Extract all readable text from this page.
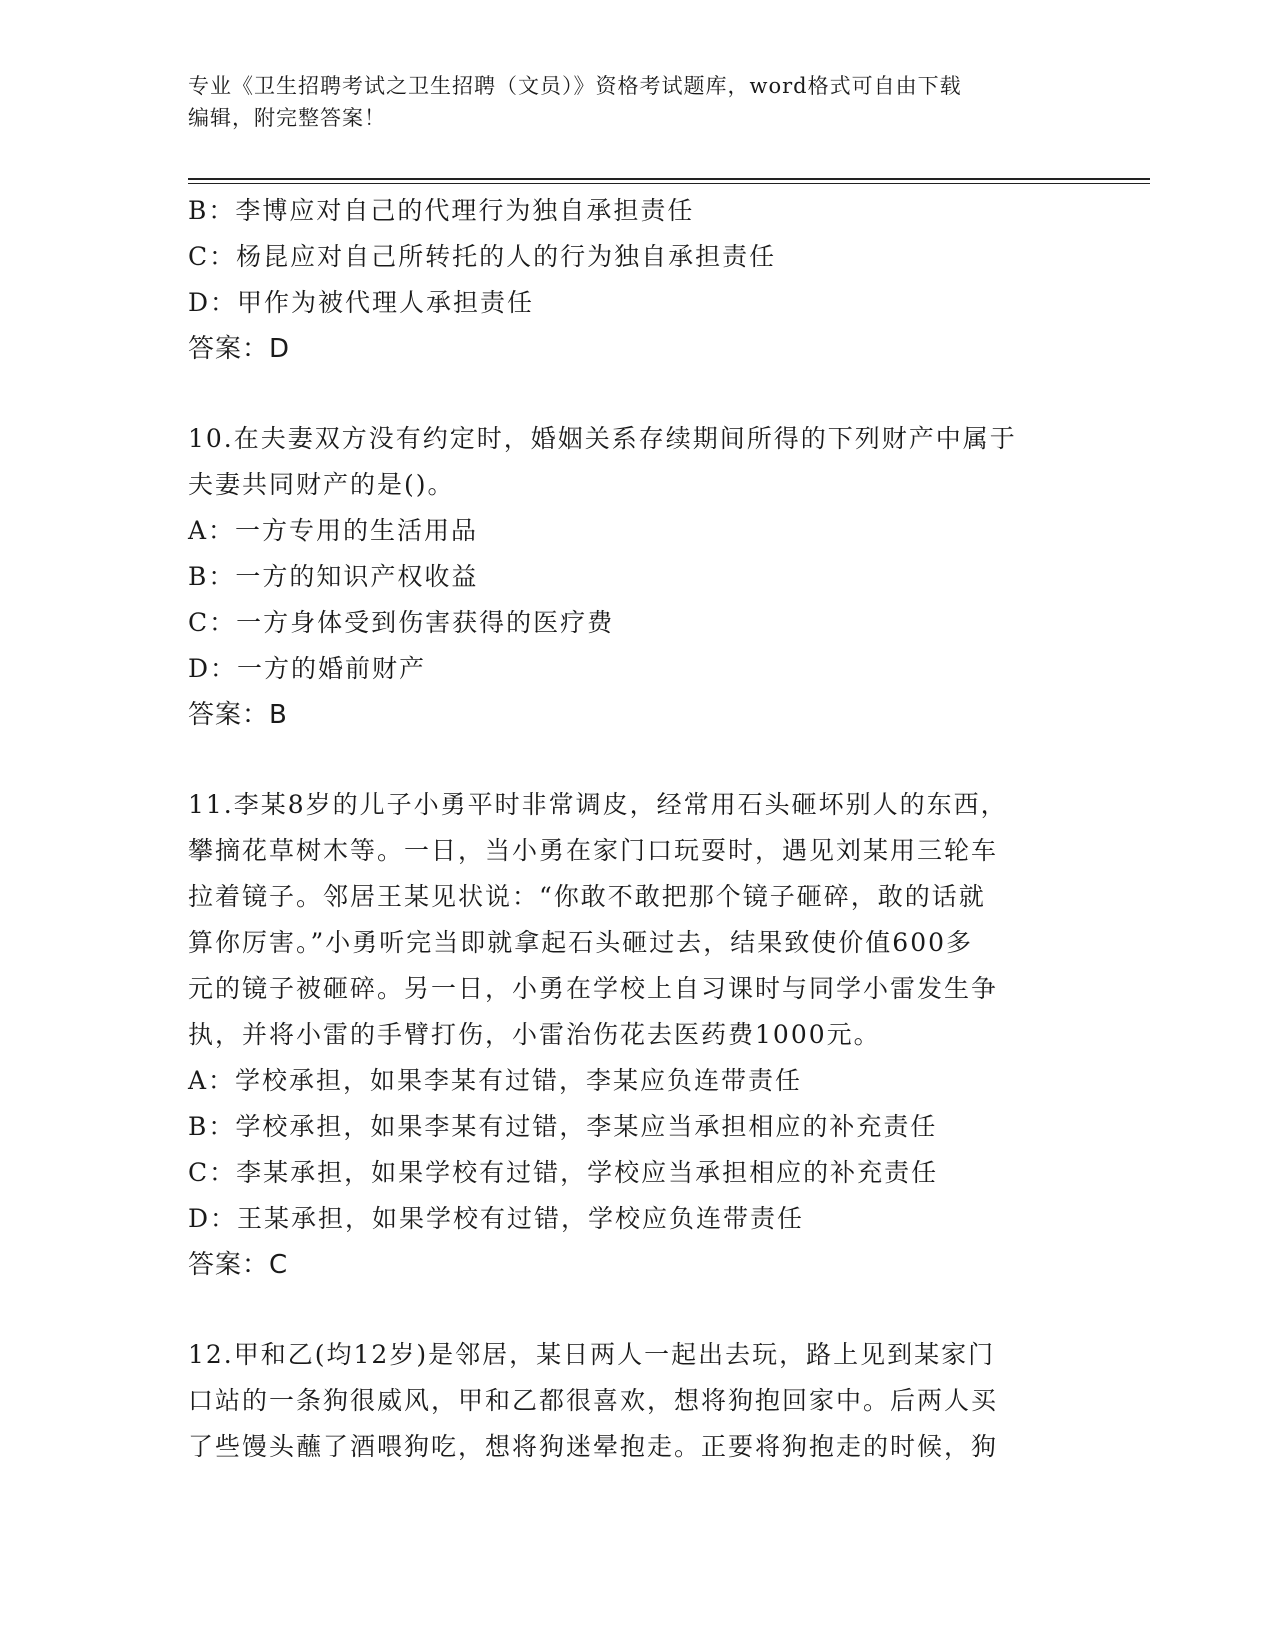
专业《卫生招聘考试之卫生招聘（文员）》资格考试题库，word格式可自由下载
编辑，附完整答案！
B：李博应对自己的代理行为独自承担责任
C：杨昆应对自己所转托的人的行为独自承担责任
D：甲作为被代理人承担责任
答案：D
10.在夫妻双方没有约定时，婚姻关系存续期间所得的下列财产中属于
夫妻共同财产的是()。
A：一方专用的生活用品
B：一方的知识产权收益
C：一方身体受到伤害获得的医疗费
D：一方的婚前财产
答案：B
11.李某8岁的儿子小勇平时非常调皮，经常用石头砸坏别人的东西，
攀摘花草树木等。一日，当小勇在家门口玩耍时，遇见刘某用三轮车
拉着镜子。邻居王某见状说：“你敢不敢把那个镜子砸碎，敢的话就
算你厉害。”小勇听完当即就拿起石头砸过去，结果致使价值600多
元的镜子被砸碎。另一日，小勇在学校上自习课时与同学小雷发生争
执，并将小雷的手臂打伤，小雷治伤花去医药费1000元。
A：学校承担，如果李某有过错，李某应负连带责任
B：学校承担，如果李某有过错，李某应当承担相应的补充责任
C：李某承担，如果学校有过错，学校应当承担相应的补充责任
D：王某承担，如果学校有过错，学校应负连带责任
答案：C
12.甲和乙(均12岁)是邻居，某日两人一起出去玩，路上见到某家门
口站的一条狗很威风，甲和乙都很喜欢，想将狗抱回家中。后两人买
了些馒头蘸了酒喂狗吃，想将狗迷晕抱走。正要将狗抱走的时候，狗
